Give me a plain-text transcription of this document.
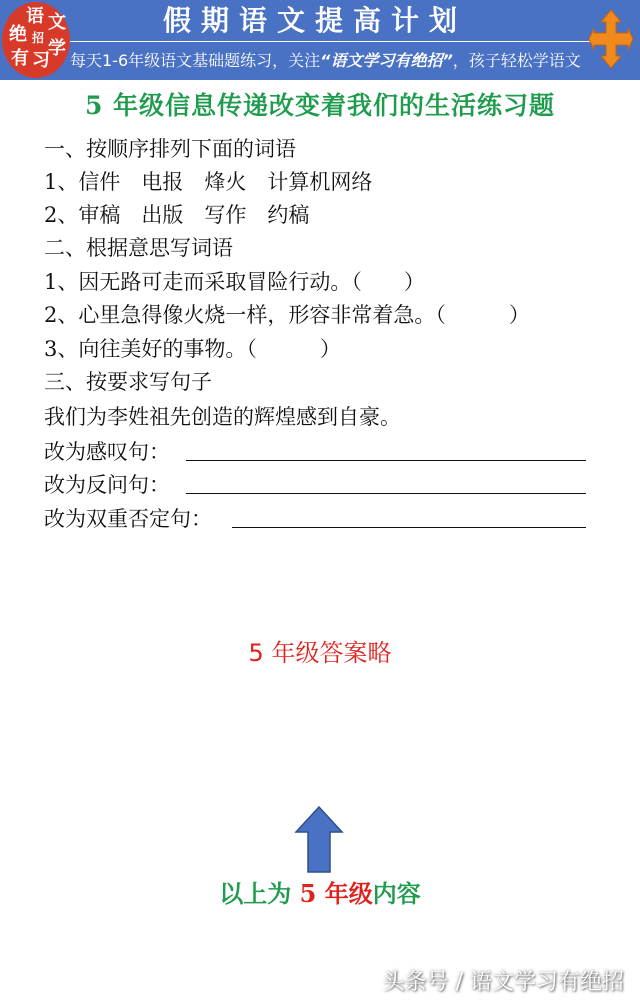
语 文
绝 招 学
有 习
假期语文提高计划
每天1-6年级语文基础题练习，关注“语文学习有绝招”，孩子轻松学语文
5 年级信息传递改变着我们的生活练习题
一、按顺序排列下面的词语
1、信件　电报　烽火　计算机网络
2、审稿　出版　写作　约稿
二、根据意思写词语
1、因无路可走而采取冒险行动。（　　）
2、心里急得像火烧一样，形容非常着急。（　　　）
3、向往美好的事物。（　　　）
三、按要求写句子
我们为李姓祖先创造的辉煌感到自豪。
改为感叹句：
改为反问句：
改为双重否定句：
5 年级答案略
以上为 5 年级内容
头条号 / 语文学习有绝招
